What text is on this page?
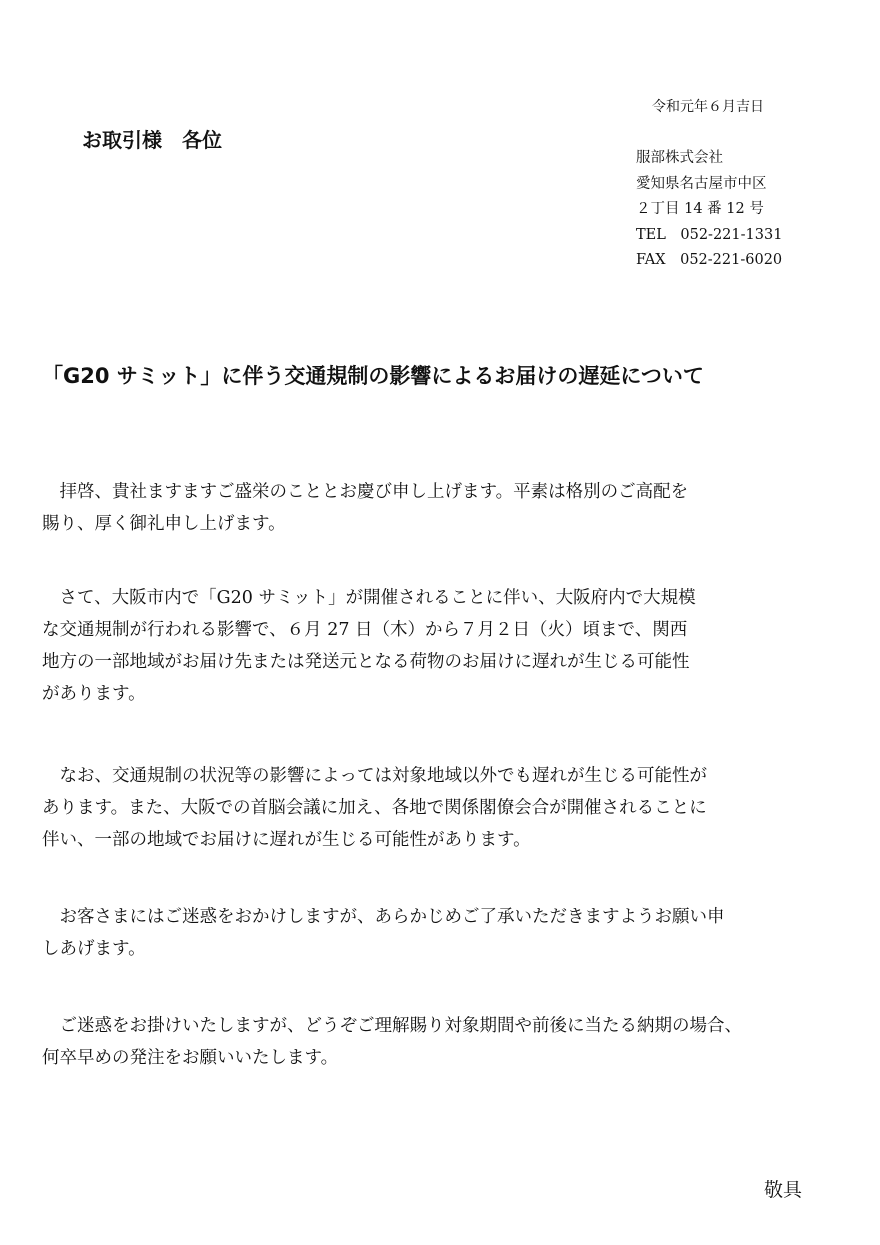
令和元年６月吉日
お取引様　各位
服部株式会社
愛知県名古屋市中区
２丁目 14 番 12 号
TEL　052-221-1331
FAX　052-221-6020
「G20 サミット」に伴う交通規制の影響によるお届けの遅延について
　拝啓、貴社ますますご盛栄のこととお慶び申し上げます。平素は格別のご高配を
賜り、厚く御礼申し上げます。
　さて、大阪市内で「G20 サミット」が開催されることに伴い、大阪府内で大規模
な交通規制が行われる影響で、６月 27 日（木）から７月２日（火）頃まで、関西
地方の一部地域がお届け先または発送元となる荷物のお届けに遅れが生じる可能性
があります。
　なお、交通規制の状況等の影響によっては対象地域以外でも遅れが生じる可能性が
あります。また、大阪での首脳会議に加え、各地で関係閣僚会合が開催されることに
伴い、一部の地域でお届けに遅れが生じる可能性があります。
　お客さまにはご迷惑をおかけしますが、あらかじめご了承いただきますようお願い申
しあげます。
　ご迷惑をお掛けいたしますが、どうぞご理解賜り対象期間や前後に当たる納期の場合、
何卒早めの発注をお願いいたします。
敬具
